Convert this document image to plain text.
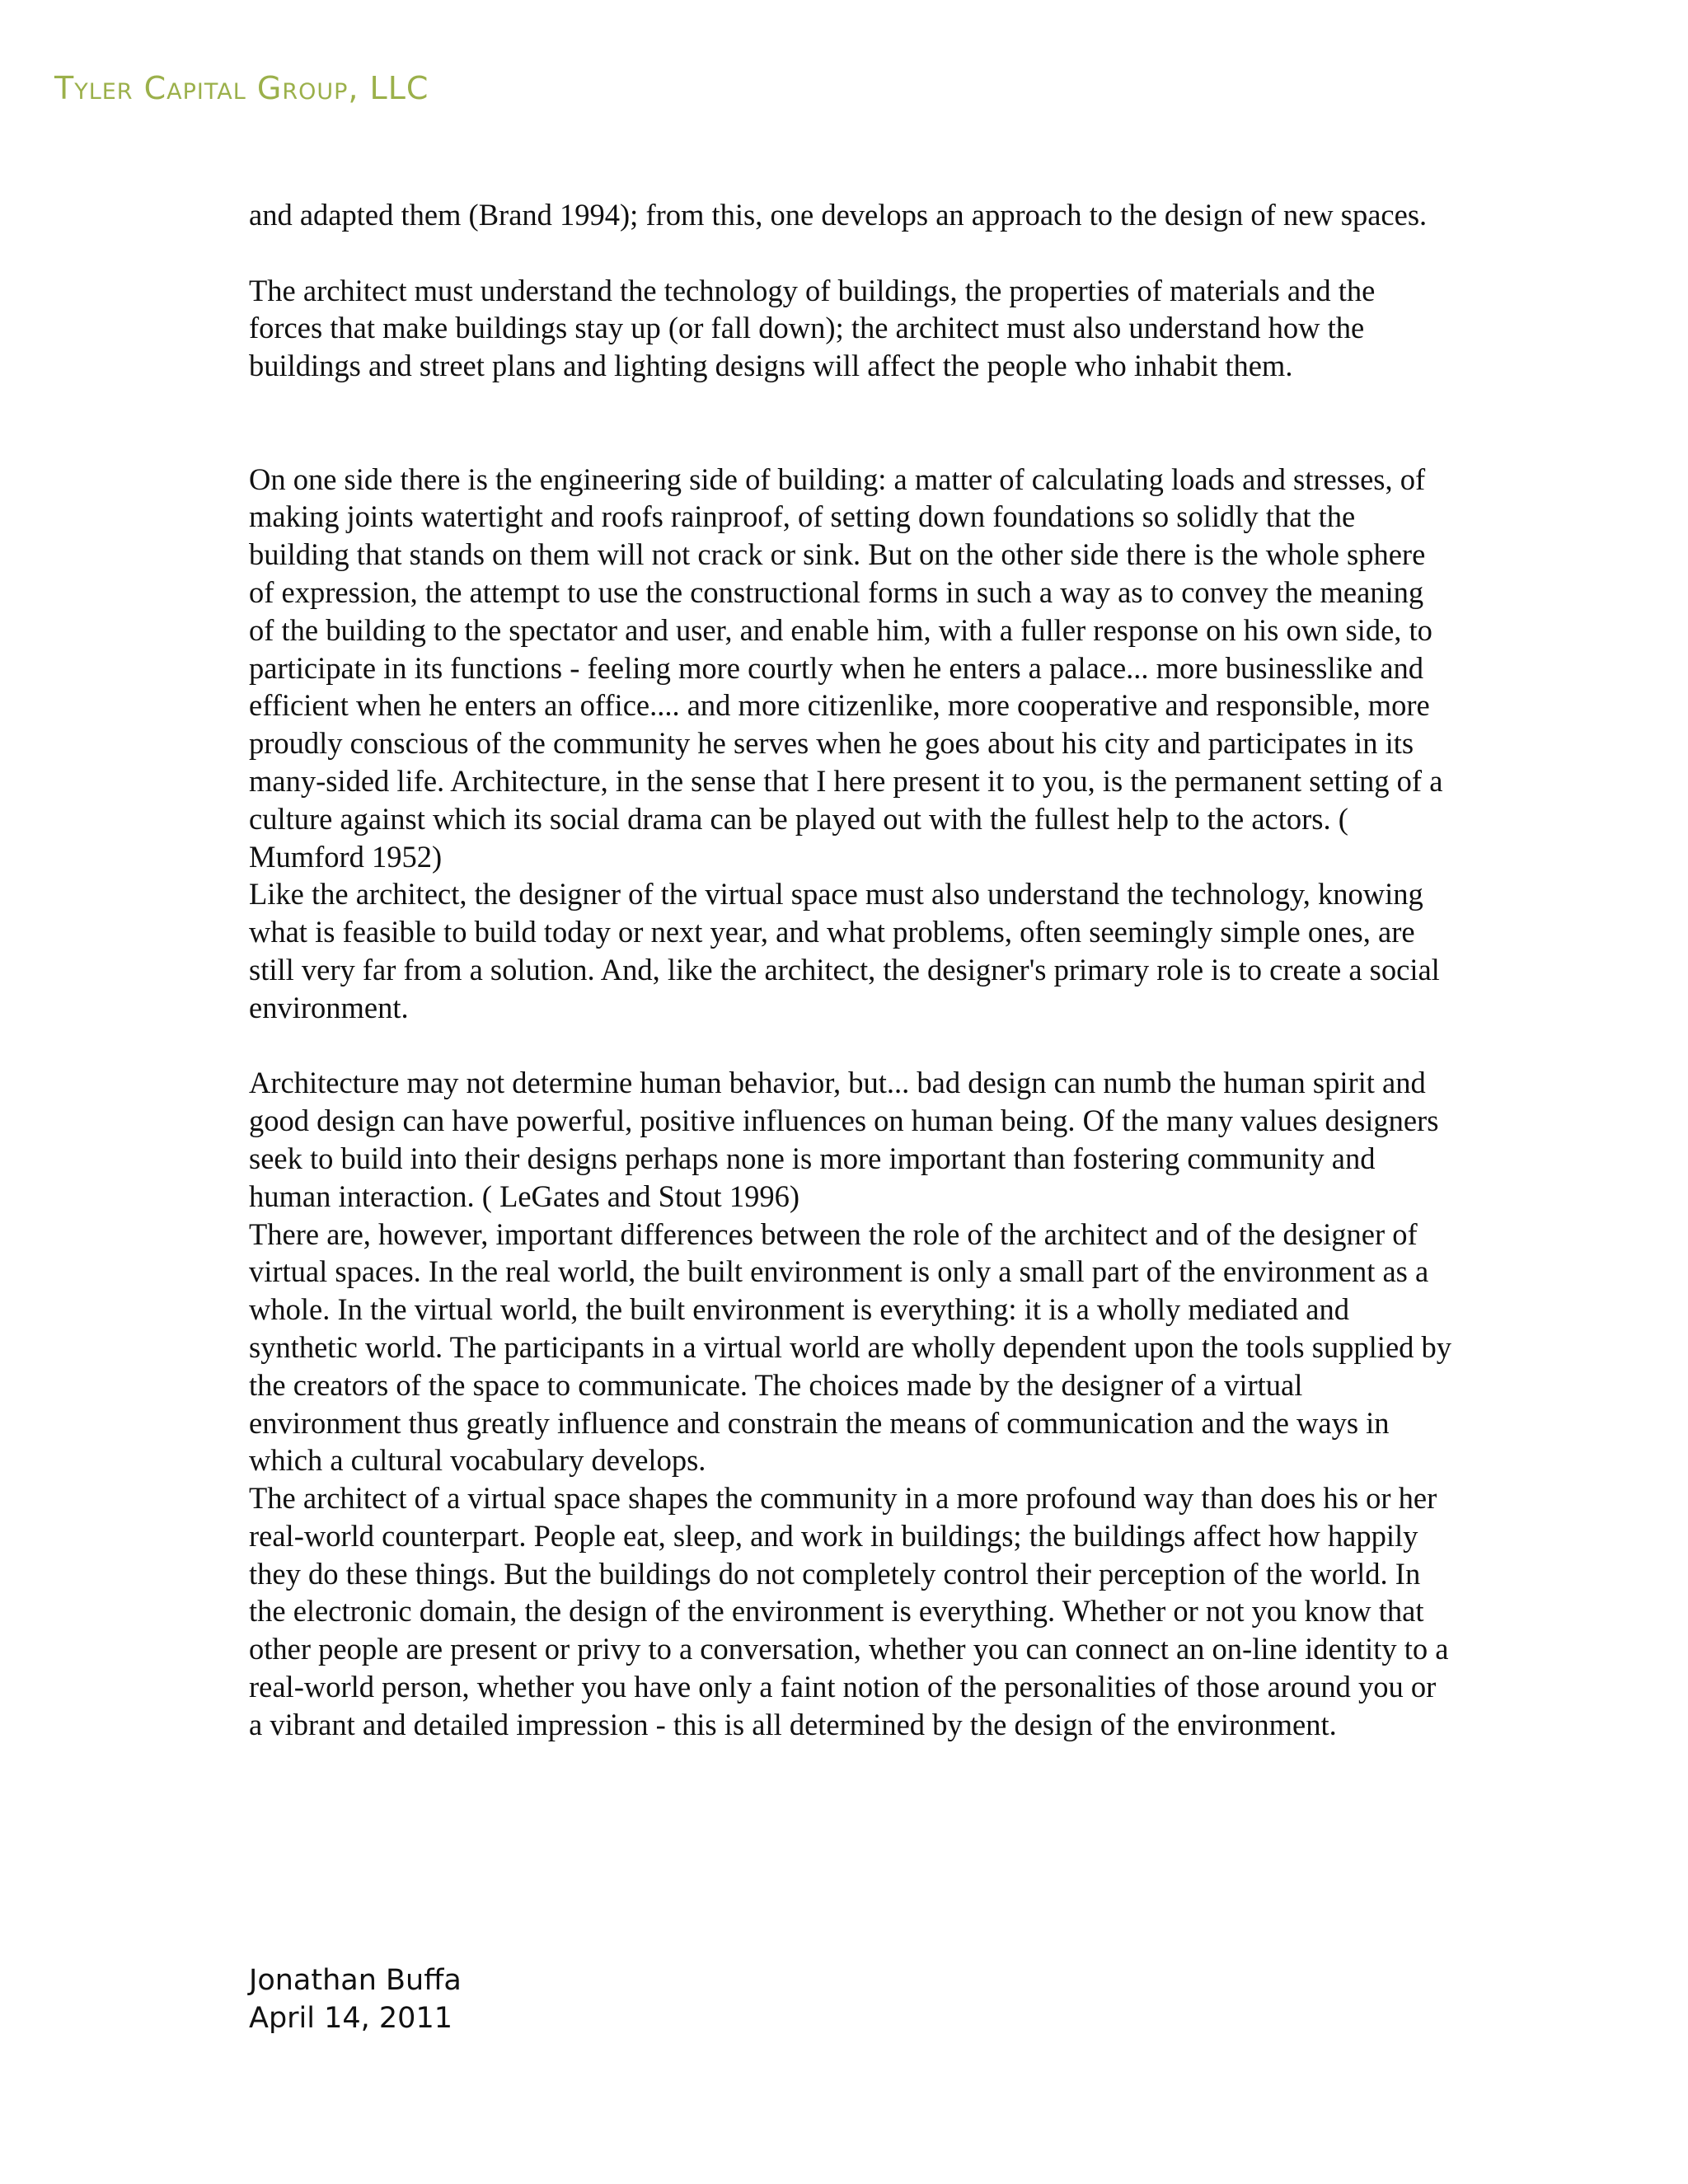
Tyler Capital Group, LLC

and adapted them (Brand 1994); from this, one develops an approach to the design of new spaces.

The architect must understand the technology of buildings, the properties of materials and the forces that make buildings stay up (or fall down); the architect must also understand how the buildings and street plans and lighting designs will affect the people who inhabit them.

On one side there is the engineering side of building: a matter of calculating loads and stresses, of making joints watertight and roofs rainproof, of setting down foundations so solidly that the building that stands on them will not crack or sink. But on the other side there is the whole sphere of expression, the attempt to use the constructional forms in such a way as to convey the meaning of the building to the spectator and user, and enable him, with a fuller response on his own side, to participate in its functions - feeling more courtly when he enters a palace... more businesslike and efficient when he enters an office.... and more citizenlike, more cooperative and responsible, more proudly conscious of the community he serves when he goes about his city and participates in its many-sided life. Architecture, in the sense that I here present it to you, is the permanent setting of a culture against which its social drama can be played out with the fullest help to the actors. ( Mumford 1952)

Like the architect, the designer of the virtual space must also understand the technology, knowing what is feasible to build today or next year, and what problems, often seemingly simple ones, are still very far from a solution. And, like the architect, the designer's primary role is to create a social environment.

Architecture may not determine human behavior, but... bad design can numb the human spirit and good design can have powerful, positive influences on human being. Of the many values designers seek to build into their designs perhaps none is more important than fostering community and human interaction. ( LeGates and Stout 1996)

There are, however, important differences between the role of the architect and of the designer of virtual spaces. In the real world, the built environment is only a small part of the environment as a whole. In the virtual world, the built environment is everything: it is a wholly mediated and synthetic world. The participants in a virtual world are wholly dependent upon the tools supplied by the creators of the space to communicate. The choices made by the designer of a virtual environment thus greatly influence and constrain the means of communication and the ways in which a cultural vocabulary develops.

The architect of a virtual space shapes the community in a more profound way than does his or her real-world counterpart. People eat, sleep, and work in buildings; the buildings affect how happily they do these things. But the buildings do not completely control their perception of the world. In the electronic domain, the design of the environment is everything. Whether or not you know that other people are present or privy to a conversation, whether you can connect an on-line identity to a real-world person, whether you have only a faint notion of the personalities of those around you or a vibrant and detailed impression - this is all determined by the design of the environment.

Jonathan Buffa
April 14, 2011
